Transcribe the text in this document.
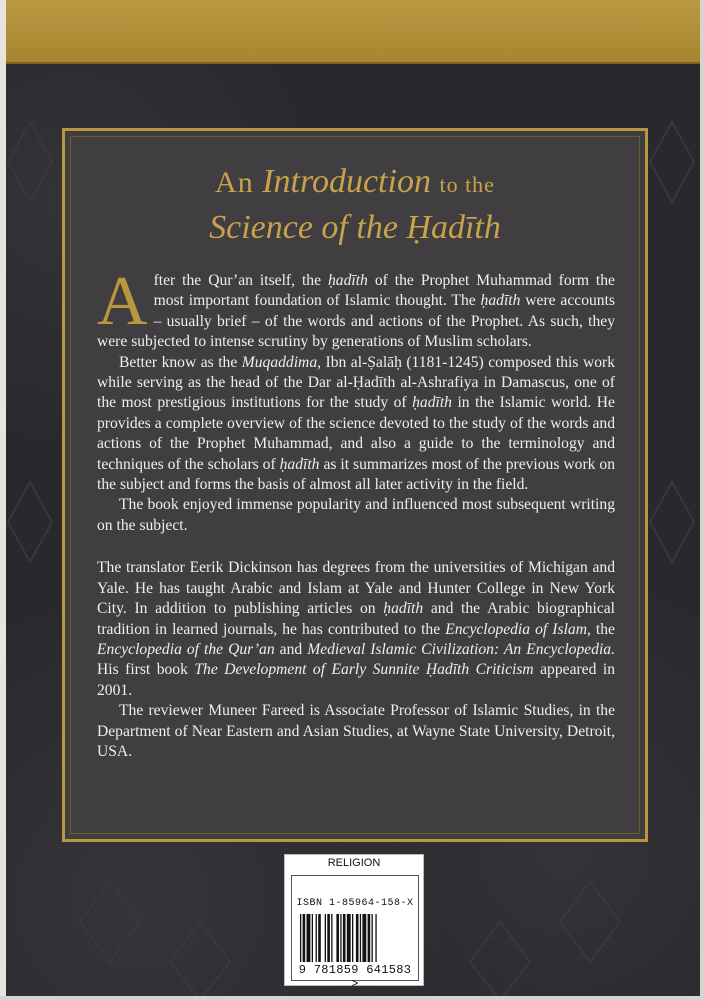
An Introduction to the
Science of the Ḥadīth

After the Qur’an itself, the ḥadīth of the Prophet Muhammad form the most important foundation of Islamic thought. The ḥadīth were accounts – usually brief – of the words and actions of the Prophet. As such, they were subjected to intense scrutiny by generations of Muslim scholars.

Better know as the Muqaddima, Ibn al-Ṣalāḥ (1181-1245) composed this work while serving as the head of the Dar al-Ḥadīth al-Ashrafiya in Damascus, one of the most prestigious institutions for the study of ḥadīth in the Islamic world. He provides a complete overview of the science devoted to the study of the words and actions of the Prophet Muhammad, and also a guide to the terminology and techniques of the scholars of ḥadīth as it summarizes most of the previous work on the subject and forms the basis of almost all later activity in the field.

The book enjoyed immense popularity and influenced most subsequent writing on the subject.

The translator Eerik Dickinson has degrees from the universities of Michigan and Yale. He has taught Arabic and Islam at Yale and Hunter College in New York City. In addition to publishing articles on ḥadīth and the Arabic biographical tradition in learned journals, he has contributed to the Encyclopedia of Islam, the Encyclopedia of the Qur’an and Medieval Islamic Civilization: An Encyclopedia. His first book The Development of Early Sunnite Ḥadīth Criticism appeared in 2001.

The reviewer Muneer Fareed is Associate Professor of Islamic Studies, in the Department of Near Eastern and Asian Studies, at Wayne State University, Detroit, USA.

RELIGION
ISBN 1-85964-158-X
9 781859 641583 >
